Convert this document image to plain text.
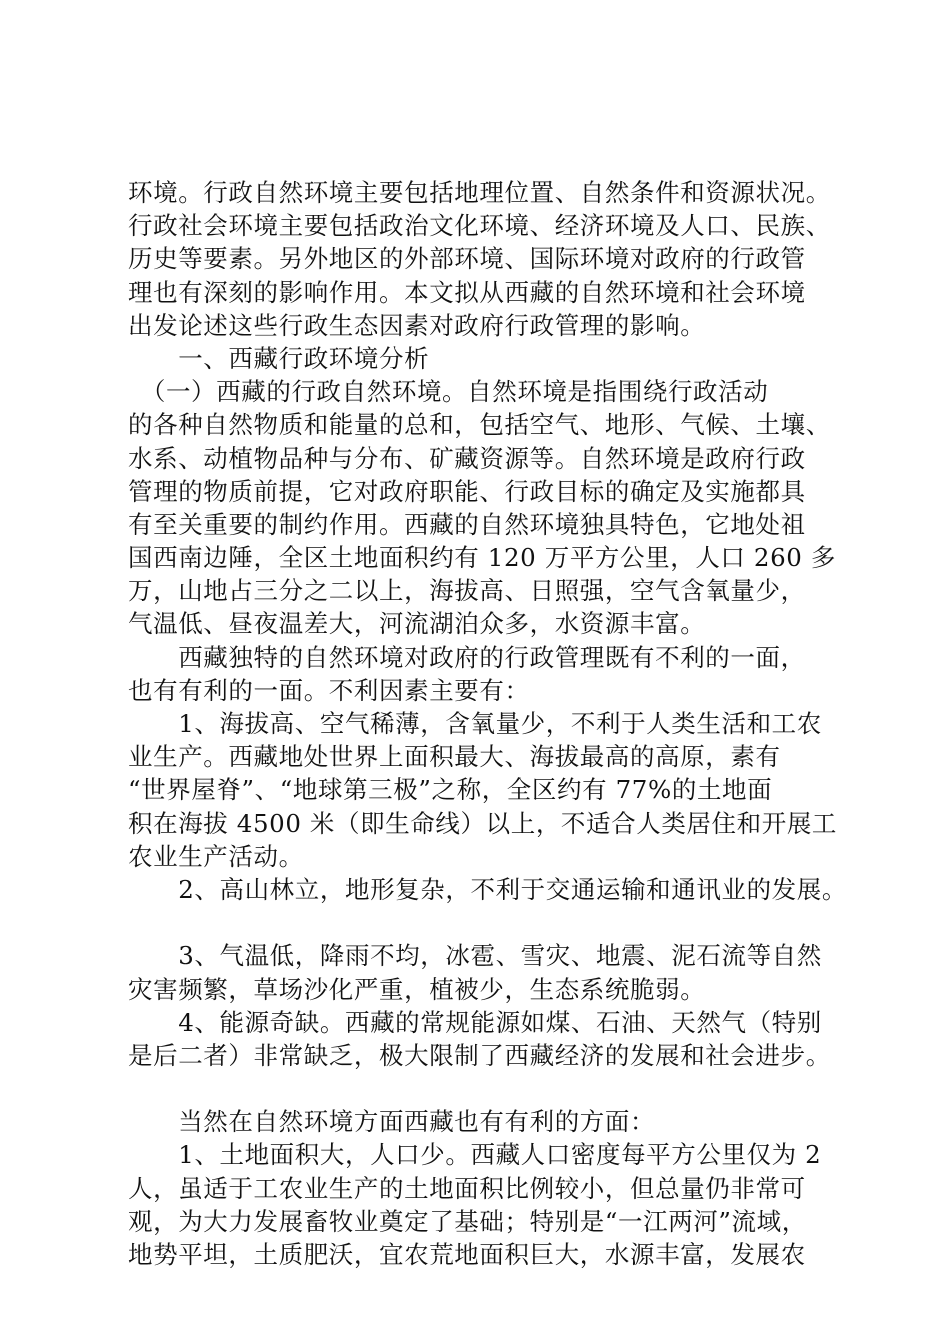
环境。行政自然环境主要包括地理位置、自然条件和资源状况。
行政社会环境主要包括政治文化环境、经济环境及人口、民族、
历史等要素。另外地区的外部环境、国际环境对政府的行政管
理也有深刻的影响作用。本文拟从西藏的自然环境和社会环境
出发论述这些行政生态因素对政府行政管理的影响。
　　一、西藏行政环境分析
　（一）西藏的行政自然环境。自然环境是指围绕行政活动
的各种自然物质和能量的总和，包括空气、地形、气候、土壤、
水系、动植物品种与分布、矿藏资源等。自然环境是政府行政
管理的物质前提，它对政府职能、行政目标的确定及实施都具
有至关重要的制约作用。西藏的自然环境独具特色，它地处祖
国西南边陲，全区土地面积约有 120 万平方公里，人口 260 多
万，山地占三分之二以上，海拔高、日照强，空气含氧量少，
气温低、昼夜温差大，河流湖泊众多，水资源丰富。
　　西藏独特的自然环境对政府的行政管理既有不利的一面，
也有有利的一面。不利因素主要有：
　　1、海拔高、空气稀薄，含氧量少，不利于人类生活和工农
业生产。西藏地处世界上面积最大、海拔最高的高原，素有
“世界屋脊”、“地球第三极”之称，全区约有 77%的土地面
积在海拔 4500 米（即生命线）以上，不适合人类居住和开展工
农业生产活动。
　　2、高山林立，地形复杂，不利于交通运输和通讯业的发展。
　　3、气温低，降雨不均，冰雹、雪灾、地震、泥石流等自然
灾害频繁，草场沙化严重，植被少，生态系统脆弱。
　　4、能源奇缺。西藏的常规能源如煤、石油、天然气（特别
是后二者）非常缺乏，极大限制了西藏经济的发展和社会进步。
　　当然在自然环境方面西藏也有有利的方面：
　　1、土地面积大，人口少。西藏人口密度每平方公里仅为 2
人，虽适于工农业生产的土地面积比例较小，但总量仍非常可
观，为大力发展畜牧业奠定了基础；特别是“一江两河”流域，
地势平坦，土质肥沃，宜农荒地面积巨大，水源丰富，发展农
